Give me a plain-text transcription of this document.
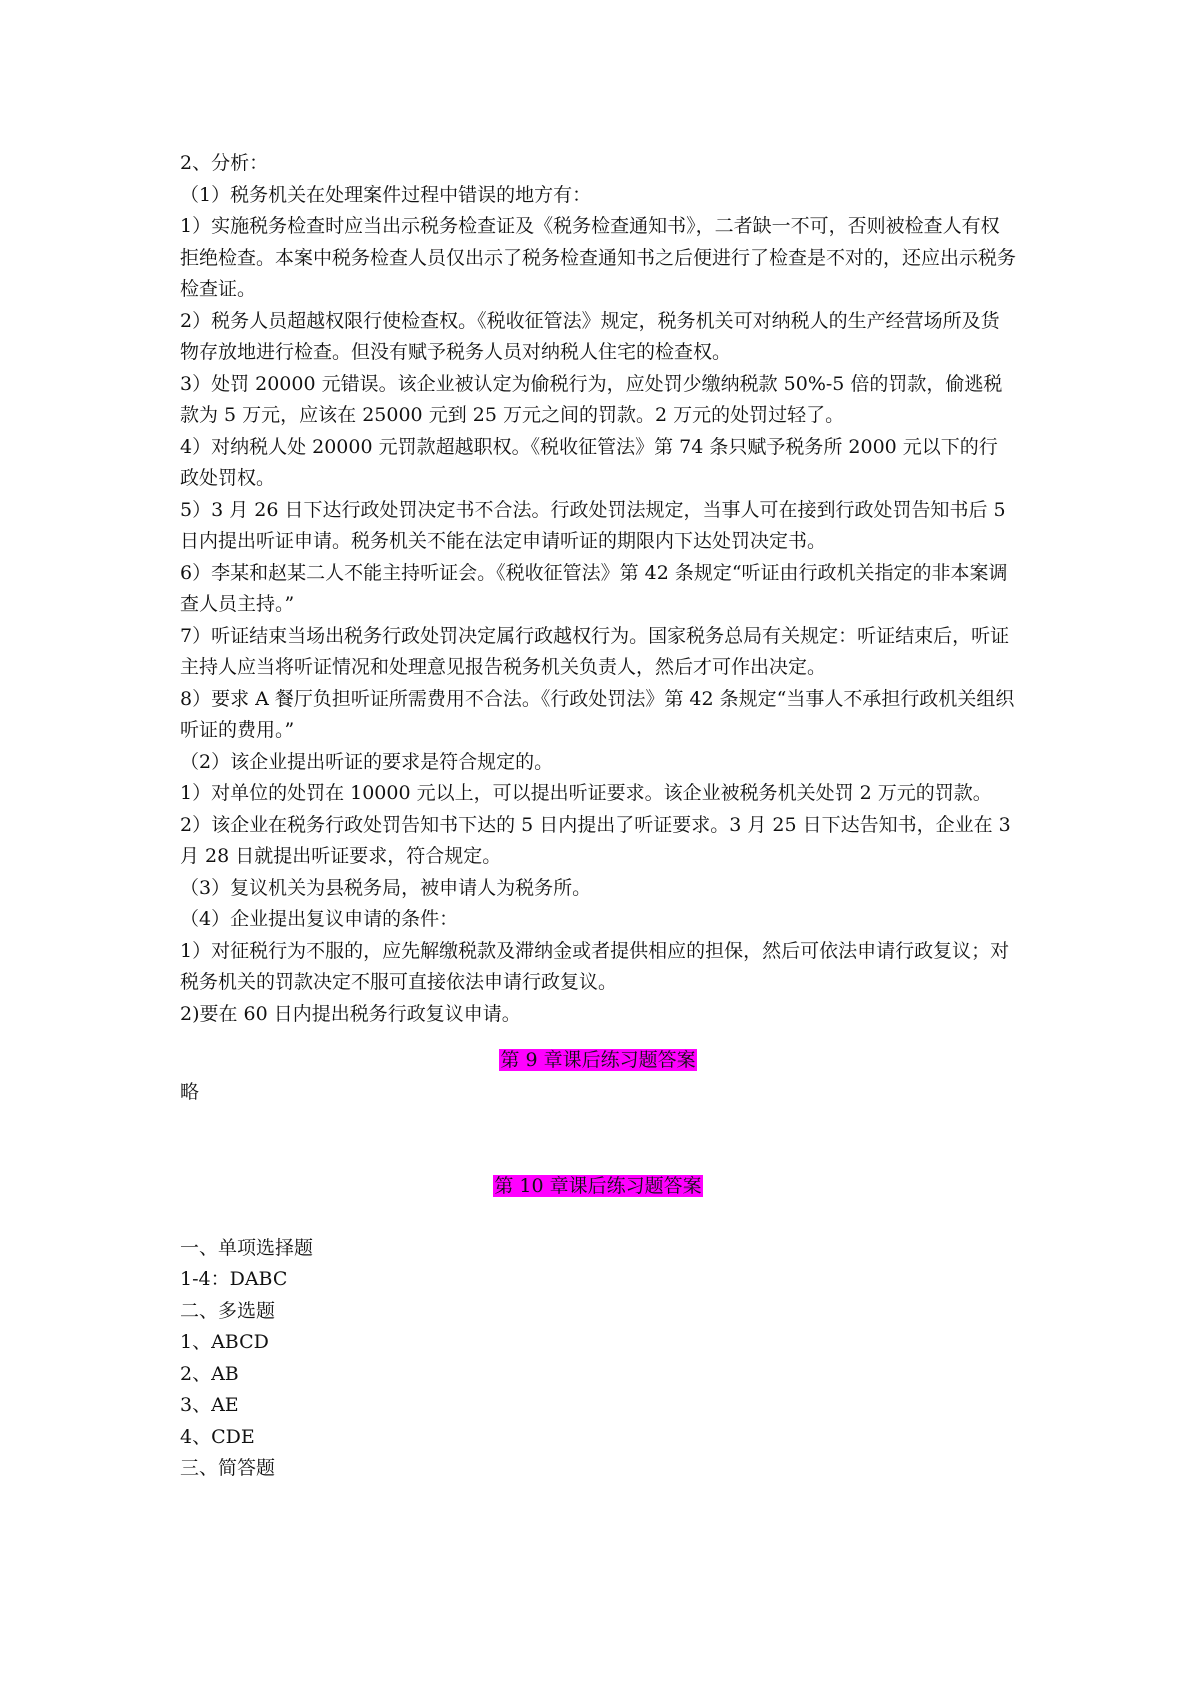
2、分析：

（1）税务机关在处理案件过程中错误的地方有：

1）实施税务检查时应当出示税务检查证及《税务检查通知书》，二者缺一不可，否则被检查人有权拒绝检查。本案中税务检查人员仅出示了税务检查通知书之后便进行了检查是不对的，还应出示税务检查证。

2）税务人员超越权限行使检查权。《税收征管法》规定，税务机关可对纳税人的生产经营场所及货物存放地进行检查。但没有赋予税务人员对纳税人住宅的检查权。

3）处罚 20000 元错误。该企业被认定为偷税行为，应处罚少缴纳税款 50%-5 倍的罚款，偷逃税款为 5 万元，应该在 25000 元到 25 万元之间的罚款。2 万元的处罚过轻了。

4）对纳税人处 20000 元罚款超越职权。《税收征管法》第 74 条只赋予税务所 2000 元以下的行政处罚权。

5）3 月 26 日下达行政处罚决定书不合法。行政处罚法规定，当事人可在接到行政处罚告知书后 5 日内提出听证申请。税务机关不能在法定申请听证的期限内下达处罚决定书。

6）李某和赵某二人不能主持听证会。《税收征管法》第 42 条规定“听证由行政机关指定的非本案调查人员主持。”

7）听证结束当场出税务行政处罚决定属行政越权行为。国家税务总局有关规定：听证结束后，听证主持人应当将听证情况和处理意见报告税务机关负责人，然后才可作出决定。

8）要求 A 餐厅负担听证所需费用不合法。《行政处罚法》第 42 条规定“当事人不承担行政机关组织听证的费用。”

（2）该企业提出听证的要求是符合规定的。

1）对单位的处罚在 10000 元以上，可以提出听证要求。该企业被税务机关处罚 2 万元的罚款。

2）该企业在税务行政处罚告知书下达的 5 日内提出了听证要求。3 月 25 日下达告知书，企业在 3 月 28 日就提出听证要求，符合规定。

（3）复议机关为县税务局，被申请人为税务所。

（4）企业提出复议申请的条件：

1）对征税行为不服的，应先解缴税款及滞纳金或者提供相应的担保，然后可依法申请行政复议；对税务机关的罚款决定不服可直接依法申请行政复议。

2)要在 60 日内提出税务行政复议申请。

第 9 章课后练习题答案

略

第 10 章课后练习题答案

一、单项选择题

1-4：DABC

二、多选题

1、ABCD

2、AB

3、AE

4、CDE

三、简答题
